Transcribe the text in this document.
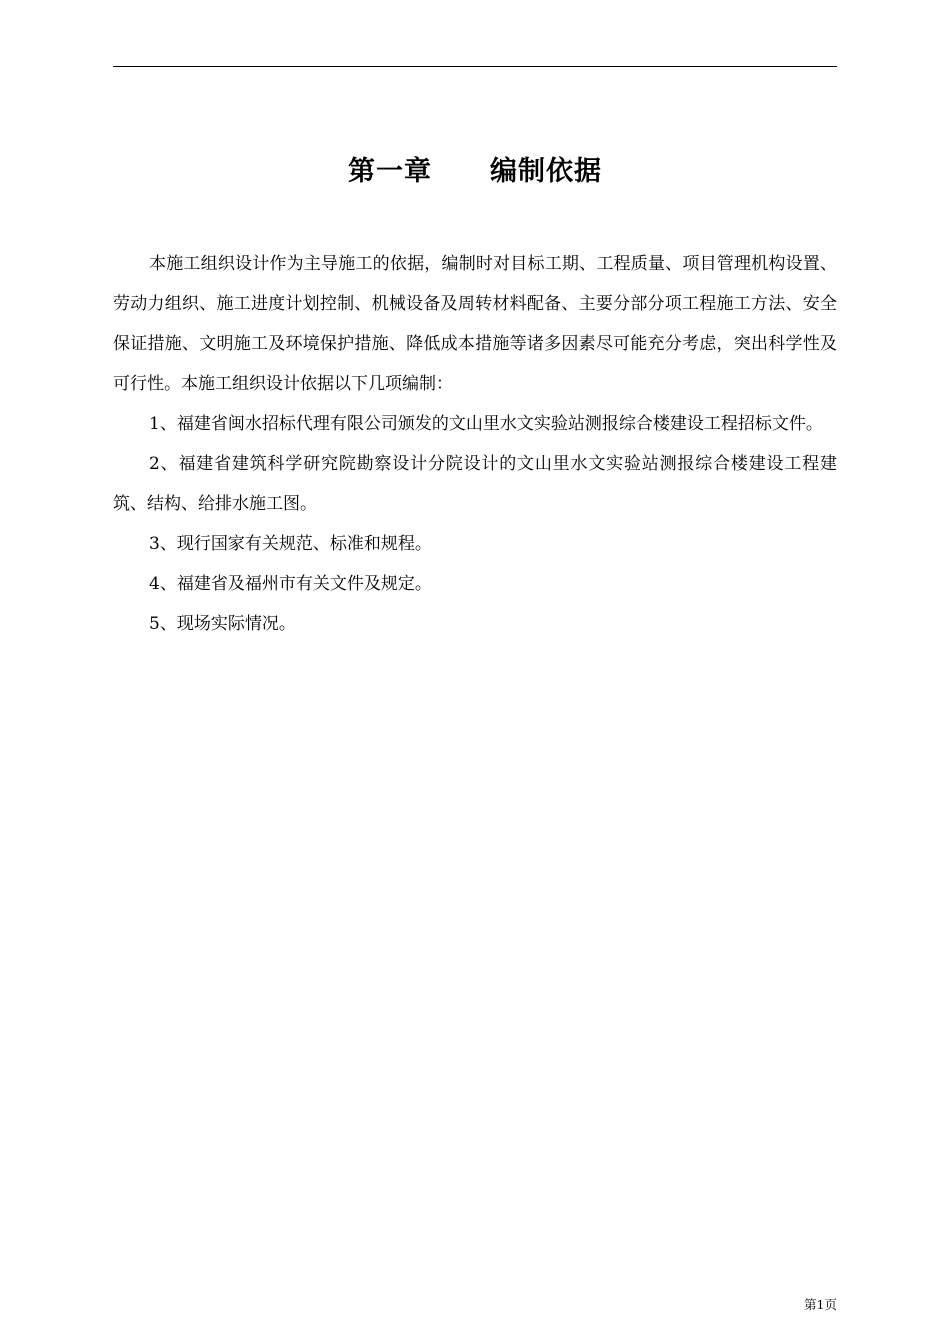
第一章 编制依据

本施工组织设计作为主导施工的依据，编制时对目标工期、工程质量、项目管理机构设置、劳动力组织、施工进度计划控制、机械设备及周转材料配备、主要分部分项工程施工方法、安全保证措施、文明施工及环境保护措施、降低成本措施等诸多因素尽可能充分考虑，突出科学性及可行性。本施工组织设计依据以下几项编制：

1、福建省闽水招标代理有限公司颁发的文山里水文实验站测报综合楼建设工程招标文件。

2、福建省建筑科学研究院勘察设计分院设计的文山里水文实验站测报综合楼建设工程建筑、结构、给排水施工图。

3、现行国家有关规范、标准和规程。

4、福建省及福州市有关文件及规定。

5、现场实际情况。

第1页
